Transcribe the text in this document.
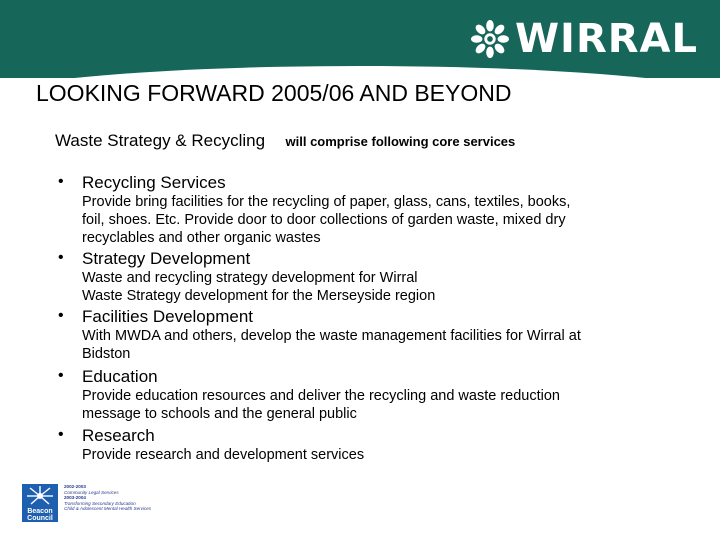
WIRRAL
LOOKING FORWARD 2005/06 AND BEYOND
Waste Strategy & Recycling will comprise following core services
• Recycling Services
Provide bring facilities for the recycling of paper, glass, cans, textiles, books,
foil, shoes. Etc. Provide door to door collections of garden waste, mixed dry
recyclables and other organic wastes
• Strategy Development
Waste and recycling strategy development for Wirral
Waste Strategy development for the Merseyside region
• Facilities Development
With MWDA and others, develop the waste management facilities for Wirral at
Bidston
• Education
Provide education resources and deliver the recycling and waste reduction
message to schools and the general public
• Research
Provide research and development services
Beacon
Council
2002-2003
Community Legal Services
2003-2004
Transforming Secondary Education
Child & Adolescent Mental Health Services
